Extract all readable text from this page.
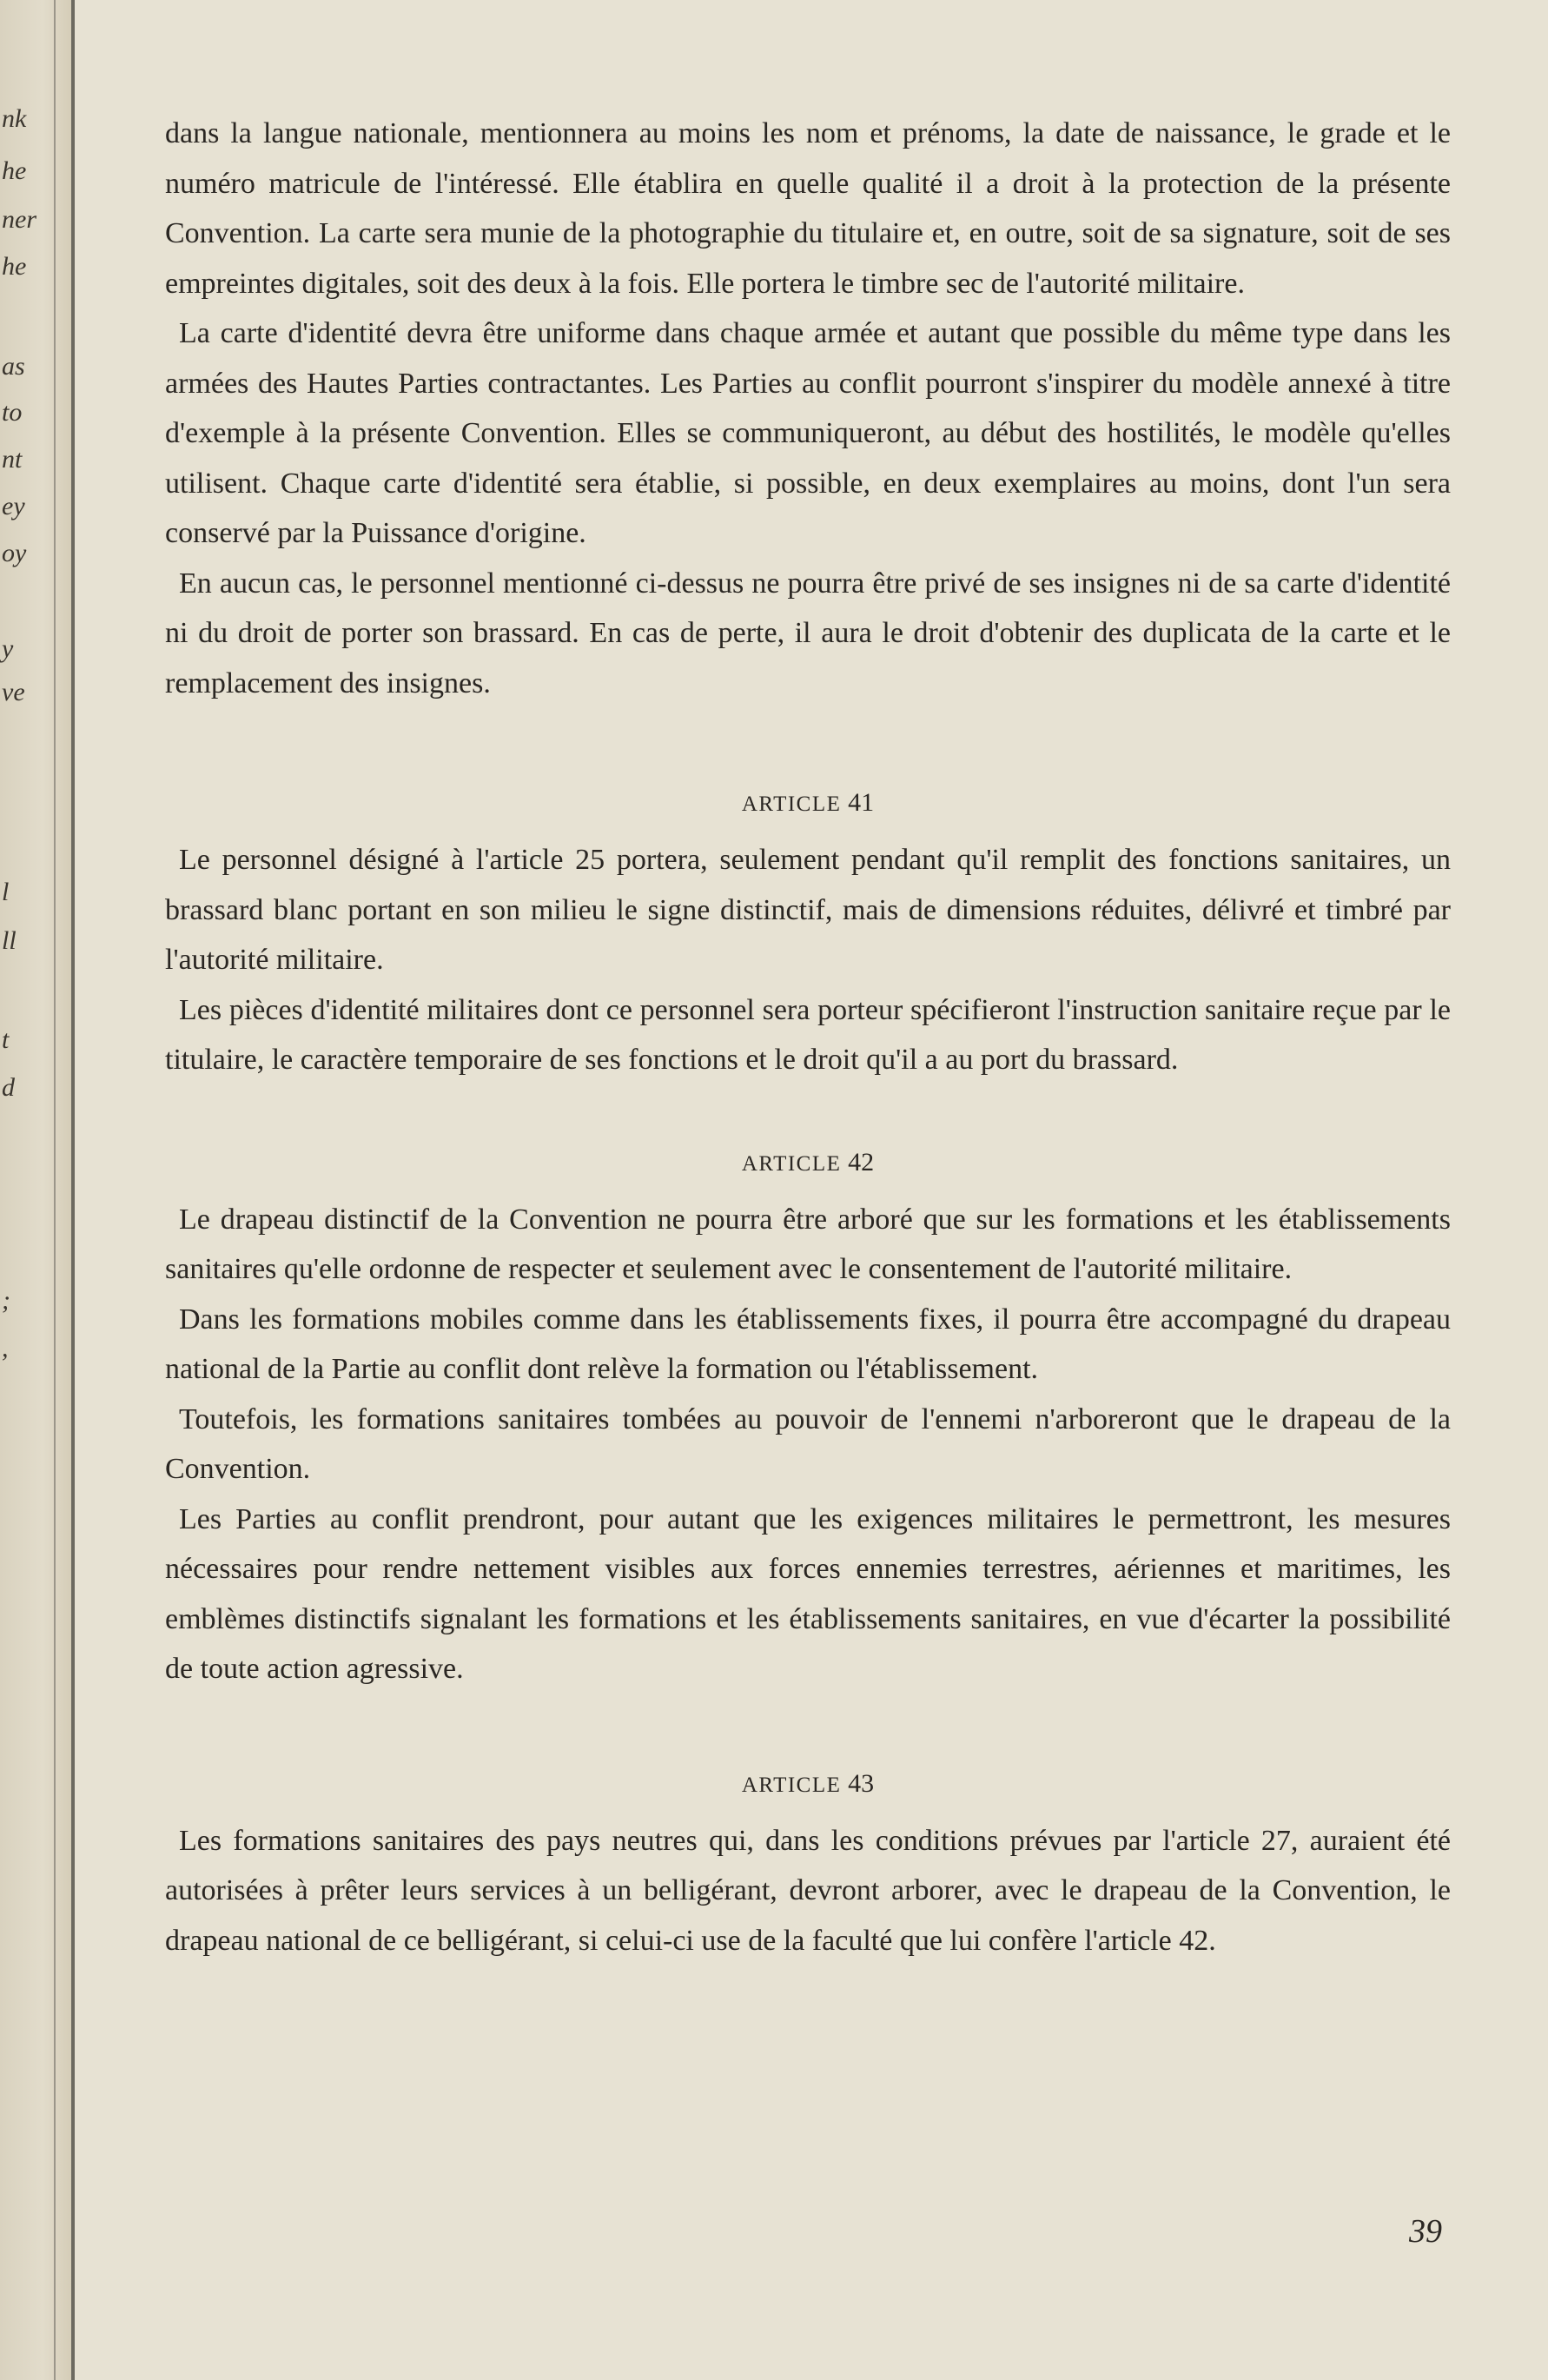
nk
he
ner
he
as
to
nt
ey
oy
y
ve
l
ll
t
d
;
,

dans la langue nationale, mentionnera au moins les nom et prénoms, la date de naissance, le grade et le numéro matricule de l'intéressé. Elle établira en quelle qualité il a droit à la protection de la présente Convention. La carte sera munie de la photographie du titulaire et, en outre, soit de sa signature, soit de ses empreintes digitales, soit des deux à la fois. Elle portera le timbre sec de l'autorité militaire.

La carte d'identité devra être uniforme dans chaque armée et autant que possible du même type dans les armées des Hautes Parties contractantes. Les Parties au conflit pourront s'inspirer du modèle annexé à titre d'exemple à la présente Convention. Elles se communiqueront, au début des hostilités, le modèle qu'elles utilisent. Chaque carte d'identité sera établie, si possible, en deux exemplaires au moins, dont l'un sera conservé par la Puissance d'origine.

En aucun cas, le personnel mentionné ci-dessus ne pourra être privé de ses insignes ni de sa carte d'identité ni du droit de porter son brassard. En cas de perte, il aura le droit d'obtenir des duplicata de la carte et le remplacement des insignes.

ARTICLE 41

Le personnel désigné à l'article 25 portera, seulement pendant qu'il remplit des fonctions sanitaires, un brassard blanc portant en son milieu le signe distinctif, mais de dimensions réduites, délivré et timbré par l'autorité militaire.

Les pièces d'identité militaires dont ce personnel sera porteur spécifieront l'instruction sanitaire reçue par le titulaire, le caractère temporaire de ses fonctions et le droit qu'il a au port du brassard.

ARTICLE 42

Le drapeau distinctif de la Convention ne pourra être arboré que sur les formations et les établissements sanitaires qu'elle ordonne de respecter et seulement avec le consentement de l'autorité militaire.

Dans les formations mobiles comme dans les établissements fixes, il pourra être accompagné du drapeau national de la Partie au conflit dont relève la formation ou l'établissement.

Toutefois, les formations sanitaires tombées au pouvoir de l'ennemi n'arboreront que le drapeau de la Convention.

Les Parties au conflit prendront, pour autant que les exigences militaires le permettront, les mesures nécessaires pour rendre nettement visibles aux forces ennemies terrestres, aériennes et maritimes, les emblèmes distinctifs signalant les formations et les établissements sanitaires, en vue d'écarter la possibilité de toute action agressive.

ARTICLE 43

Les formations sanitaires des pays neutres qui, dans les conditions prévues par l'article 27, auraient été autorisées à prêter leurs services à un belligérant, devront arborer, avec le drapeau de la Convention, le drapeau national de ce belligérant, si celui-ci use de la faculté que lui confère l'article 42.

39
